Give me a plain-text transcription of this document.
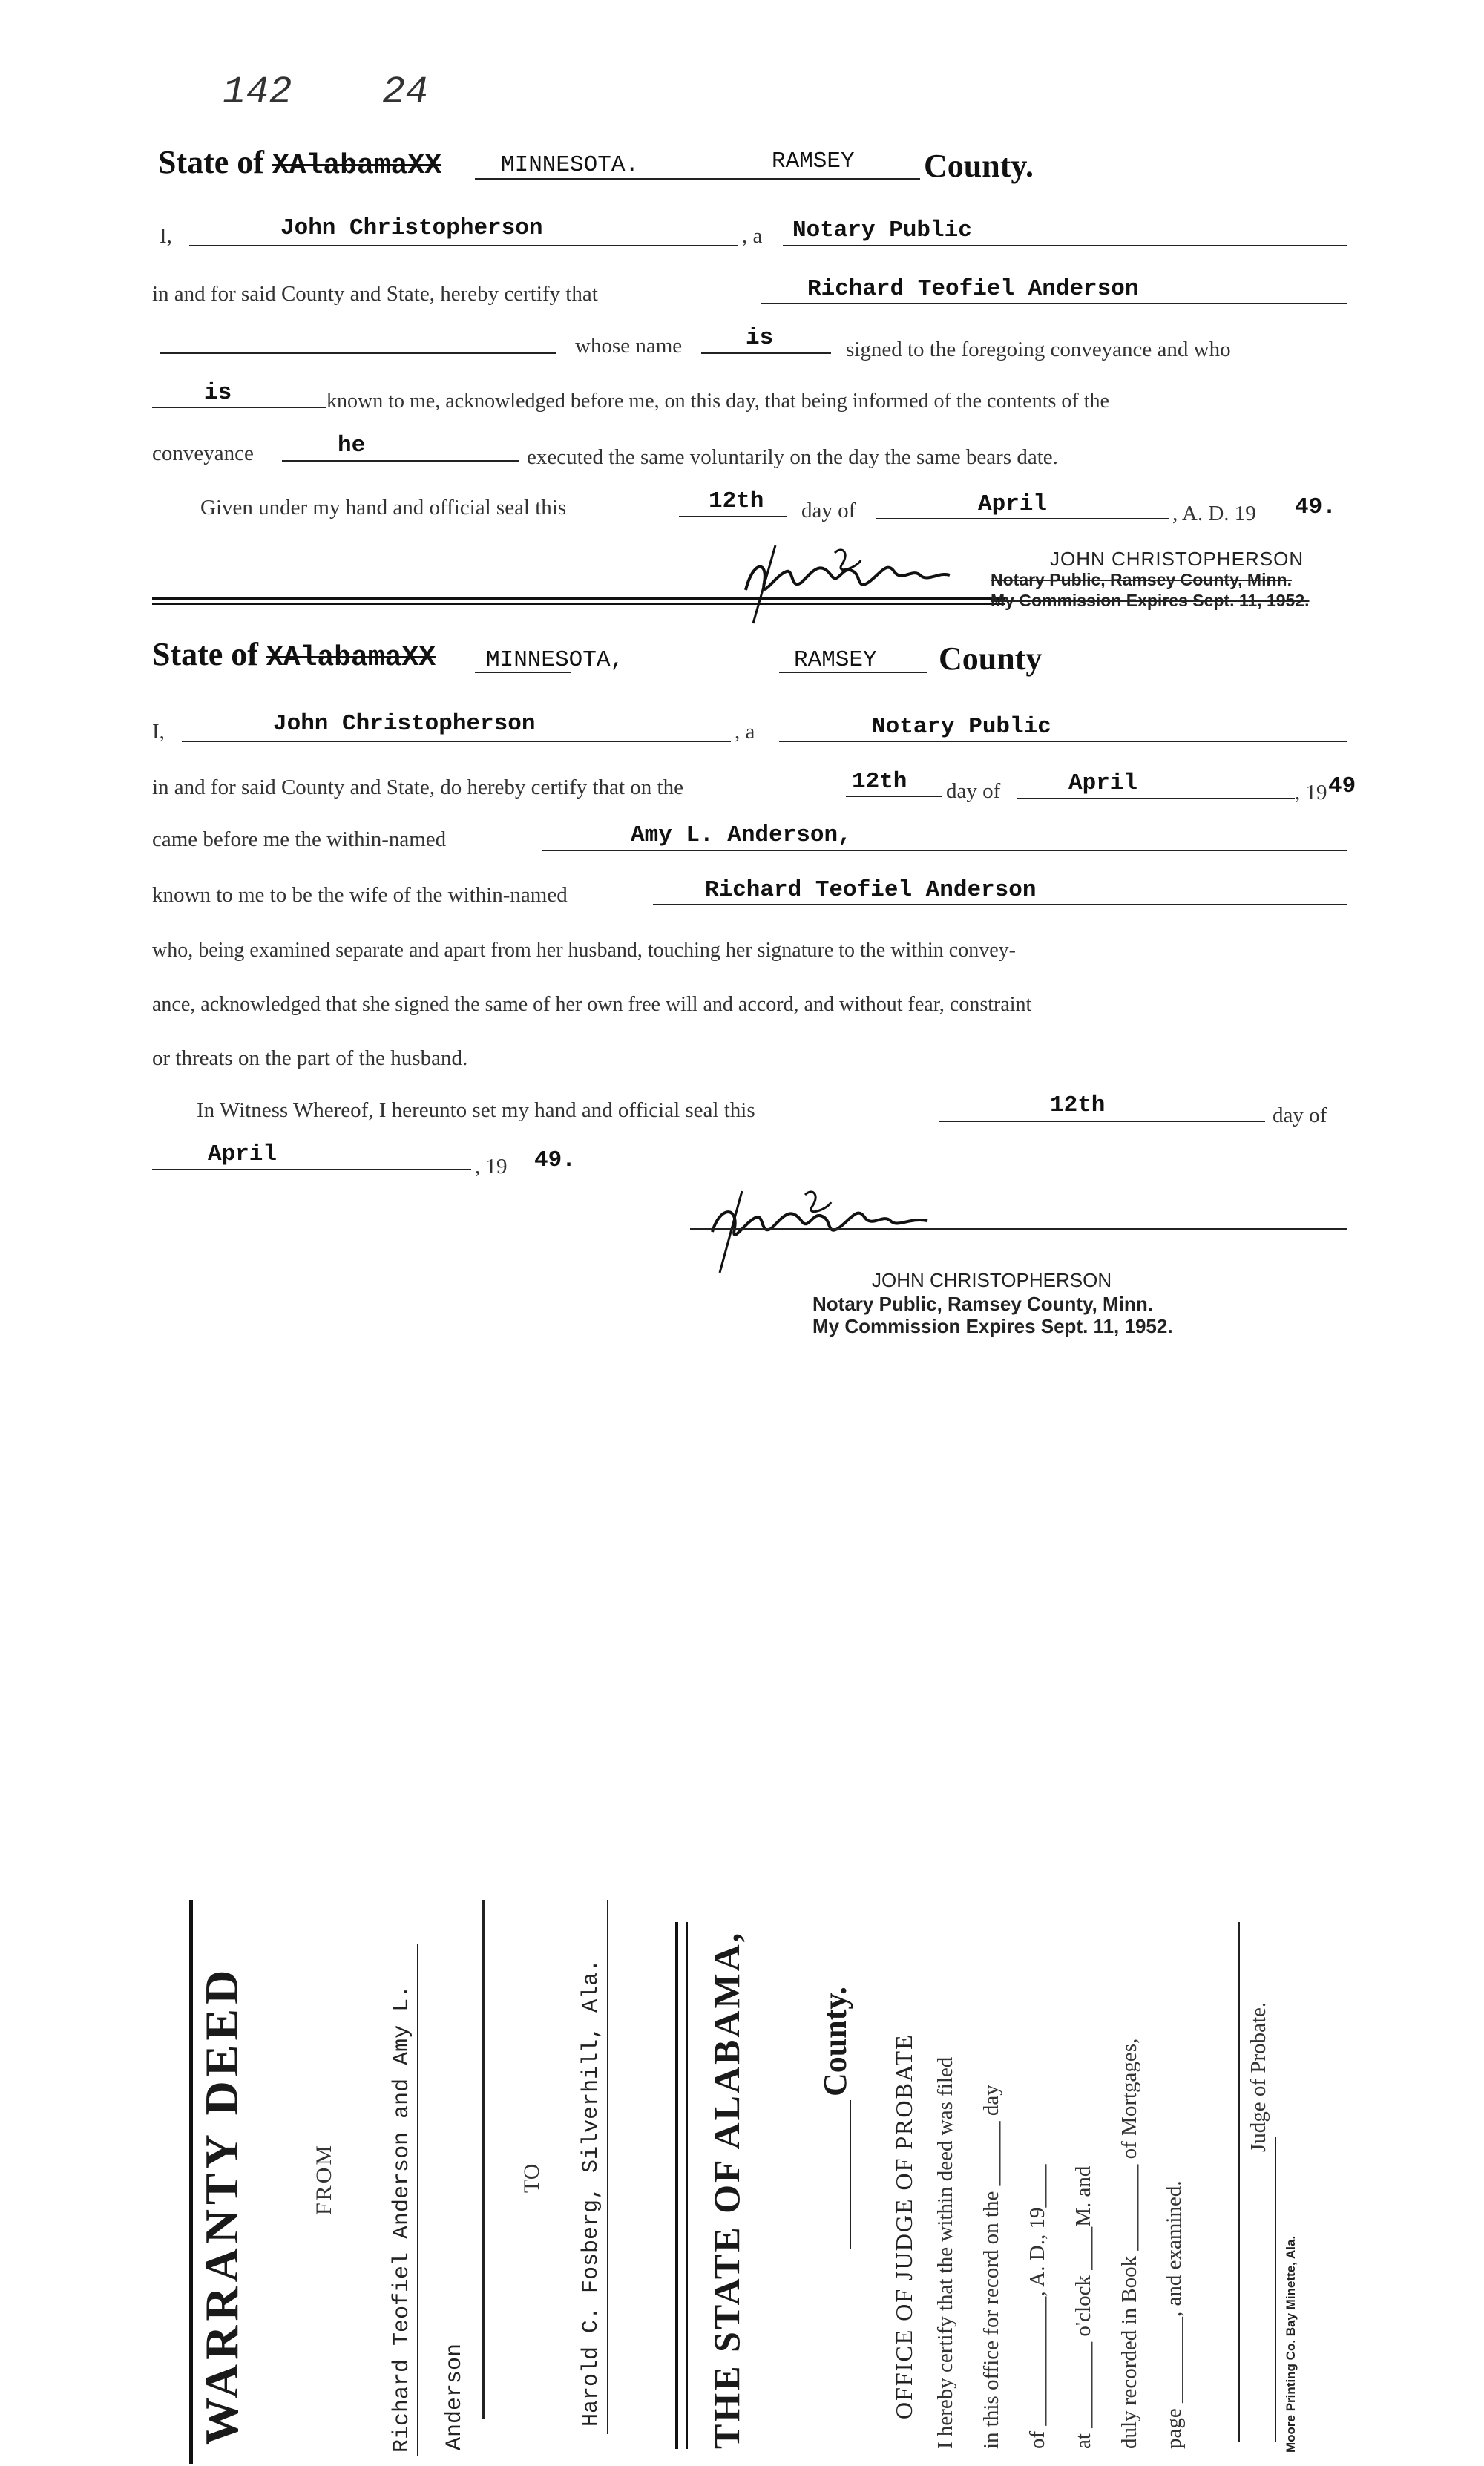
142 24
State of XAlabamaXX	MINNESOTA.	RAMSEY County.
I,	John Christopherson	, a Notary Public
in and for said County and State, hereby certify that	Richard Teofiel Anderson
whose name	is	signed to the foregoing conveyance and who
is	known to me, acknowledged before me, on this day, that being informed of the contents of the
conveyance	he	executed the same voluntarily on the day the same bears date.
Given under my hand and official seal this	12th day of	April	, A. D. 19 49.
JOHN CHRISTOPHERSON
Notary Public, Ramsey County, Minn.
My Commission Expires Sept. 11, 1952.
State of XAlabamaXX MINNESOTA,	RAMSEY County
I,	John Christopherson	, a	Notary Public
in and for said County and State, do hereby certify that on the	12th day of	April	, 19 49
came before me the within-named	Amy L. Anderson,
known to me to be the wife of the within-named	Richard Teofiel Anderson
who, being examined separate and apart from her husband, touching her signature to the within convey-
ance, acknowledged that she signed the same of her own free will and accord, and without fear, constraint
or threats on the part of the husband.
In Witness Whereof, I hereunto set my hand and official seal this	12th	day of
April	, 19 49.
JOHN CHRISTOPHERSON
Notary Public, Ramsey County, Minn.
My Commission Expires Sept. 11, 1952.
WARRANTY DEED	FROM Richard Teofiel Anderson and Amy L. Anderson
TO Harold C. Fosberg, Silverhill, Ala.	THE STATE OF ALABAMA, County. OFFICE OF JUDGE OF PROBATE I hereby certify that the within deed was filed in this office for record on the ______ day of ____________, A. D., 19____ at ________ o'clock ____M. and duly recorded in Book ________ of Mortgages, page ________, and examined.
Judge of Probate.
Moore Printing Co. Bay Minette, Ala.
